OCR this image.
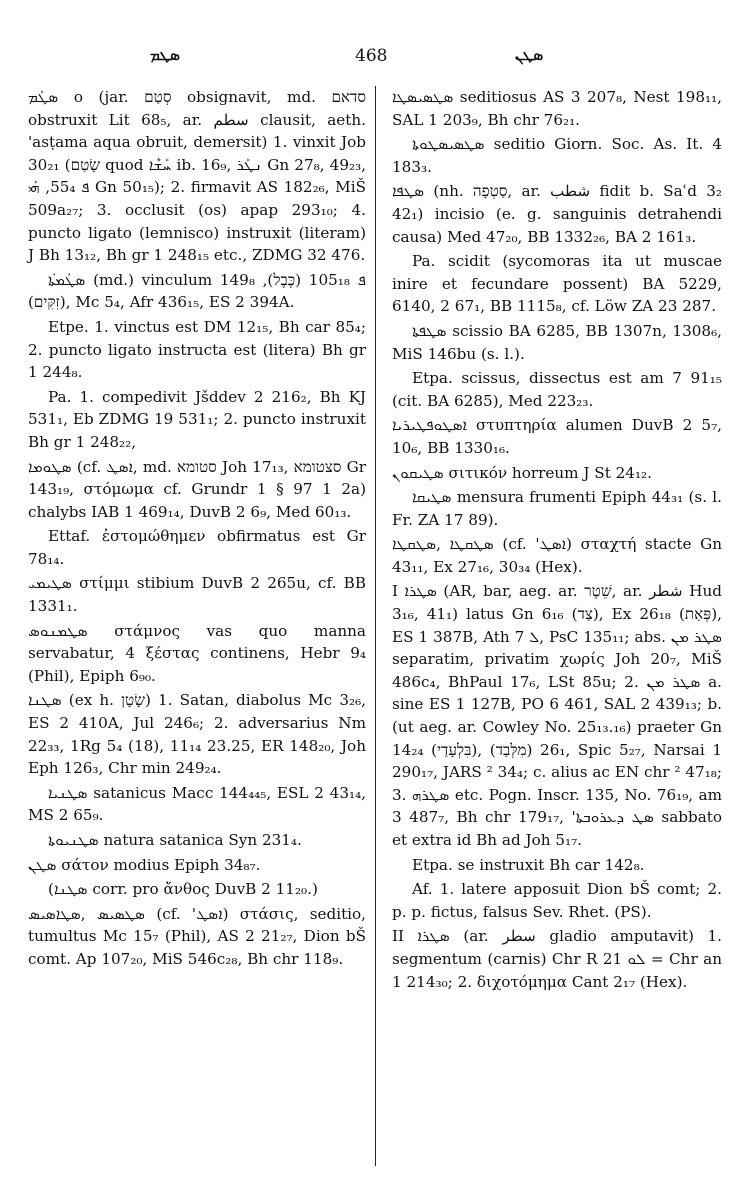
ܣܛܡ	468	ܣܛܢ

ܣܛܰܡ o (jar. סְטַם obsignavit, md. סדאם obstruxit Lit 68₅, ar. سطم clausit, aeth. 'asṭama aqua obruit, demersit) 1. vinxit Job 30₂₁ (שָׂטַם quod ܚܰܫܶܐ ib. 16₉, ܢܛܰܪ Gn 27₈, 49₂₃, ܦ 55₄, ܗܰܝ Gn 50₁₅); 2. firmavit AS 182₂₆, MiŠ 509a₂₇; 3. occlusit (os) apap 293₁₀; 4. puncto ligato (lemnisco) instruxit (literam) J Bh 13₁₂, Bh gr 1 248₁₅ etc., ZDMG 32 476.

ܣܛܳܡܬܳܐ (md.) vinculum ܦ 105₁₈ (כֶּבֶל), 149₈ (זִקִּים), Mc 5₄, Afr 436₁₅, ES 2 394A.

Etpe. 1. vinctus est DM 12₁₅, Bh car 85₄; 2. puncto ligato instructa est (litera) Bh gr 1 244₈.

Pa. 1. compedivit Jšddev 2 216₂, Bh KJ 531₁, Eb ZDMG 19 531₁; 2. puncto instruxit Bh gr 1 248₂₂,

ܣܛܘܡܐ (cf. ܐܣܛ, md. סטומא Joh 17₁₃, סצטומא Gr 143₁₉, στόμωμα cf. Grundr 1 § 97 1 2a) chalybs IAB 1 469₁₄, DuvB 2 6₉, Med 60₁₃.

Ettaf. ἐστομώθημεν obfirmatus est Gr 78₁₄.

ܣܛܝܡܝ στίμμι stibium DuvB 2 265u, cf. BB 1331₁.

ܣܛܡܢܘܣ στάμνος vas quo manna servabatur, 4 ξέστας continens, Hebr 9₄ (Phil), Epiph 6₉₀.

ܣܛܢܐ (ex h. שָׂטָן) 1. Satan, diabolus Mc 3₂₆, ES 2 410A, Jul 246₆; 2. adversarius Nm 22₃₃, 1Rg 5₄ (18), 11₁₄ 23.25, ER 148₂₀, Joh Eph 126₃, Chr min 249₂₄.

ܣܛܢܝܐ satanicus Macc 144₄₄₅, ESL 2 43₁₄, MS 2 65₉.

ܣܛܢܝܘܬܐ natura satanica Syn 231₄.

ܣܛܢ σάτον modius Epiph 34₈₇.

(ܣܛܢܐ corr. pro ἄνθος DuvB 2 11₂₀.)

ܣܛܣܝܣ ,ܣܛܐܣܝܣ (cf. 'ܐܣܛ) στάσις, seditio, tumultus Mc 15₇ (Phil), AS 2 21₂₇, Dion bŠ comt. Ap 107₂₀, MiS 546c₂₈, Bh chr 118₉.

ܣܛܣܝܣܛܐ seditiosus AS 3 207₈, Nest 198₁₁, SAL 1 203₉, Bh chr 76₂₁.

ܣܛܣܝܣܛܘܬܐ seditio Giorn. Soc. As. It. 4 183₃.

ܣܛܦܐ (nh. סַטְפָה, ar. شطب fidit b. Saʿd 3₂ 42₁) incisio (e. g. sanguinis detrahendi causa) Med 47₂₀, BB 1332₂₆, BA 2 161₃.

Pa. scidit (sycomoras ita ut muscae inire et fecundare possent) BA 5229, 6140, 2 67₁, BB 1115₈, cf. Löw ZA 23 287.

ܣܛܦܬܐ scissio BA 6285, BB 1307n, 1308₆, MiS 146bu (s. l.).

Etpa. scissus, dissectus est am 7 91₁₅ (cit. BA 6285), Med 223₂₃.

ܐܣܛܘܦܛܝܪܝܐ στυπτηρία alumen DuvB 2 5₇, 10₆, BB 1330₁₆.

ܣܛܝܩܘܢ σιτικόν horreum J St 24₁₂.

ܣܛܝܩܐ mensura frumenti Epiph 44₃₁ (s. l. Fr. ZA 17 89).

ܣܛܩܛܐ ,ܣܛܩܛܐ (cf. 'ܐܣܛ) σταχτή stacte Gn 43₁₁, Ex 27₁₆, 30₃₄ (Hex).

I ܣܛܪܐ (AR, bar, aeg. ar. שֵׁטֶר, ar. شطر Hud 3₁₆, 41₁) latus Gn 6₁₆ (צַד), Ex 26₁₈ (פְּאַת), ES 1 387B, Ath ܠ 7, PsC 135₁₁; abs. ܣܛܪ ܡܢ separatim, privatim χωρίς Joh 20₇, MiŠ 486c₄, BhPaul 17₆, LSt 85u; 2. ܣܛܪ ܡܢ a. sine ES 1 127B, PO 6 461, SAL 2 439₁₃; b. (ut aeg. ar. Cowley No. 25₁₃.₁₆) praeter Gn 14₂₄ (בִּלְעָדַי), 26₁ (מִלְּבַד), Spic 5₂₇, Narsai 1 290₁₇, JARS ² 34₄; c. alius ac EN chr ² 47₁₈; 3. ܣܛܪܗ etc. Pogn. Inscr. 135, No. 76₁₉, am 3 487₇, Bh chr 179₁₇, 'ܣܛ ܕܥܪܘܒܬܐ sabbato et extra id Bh ad Joh 5₁₇.

Etpa. se instruxit Bh car 142₈.

Af. 1. latere apposuit Dion bŠ comt; 2. p. p. fictus, falsus Sev. Rhet. (PS).

II ܣܛܪܐ (ar. سطر gladio amputavit) 1. segmentum (carnis) Chr R ܠܘ 21 = Chr an 1 214₃₀; 2. διχοτόμημα Cant 2₁₇ (Hex).
